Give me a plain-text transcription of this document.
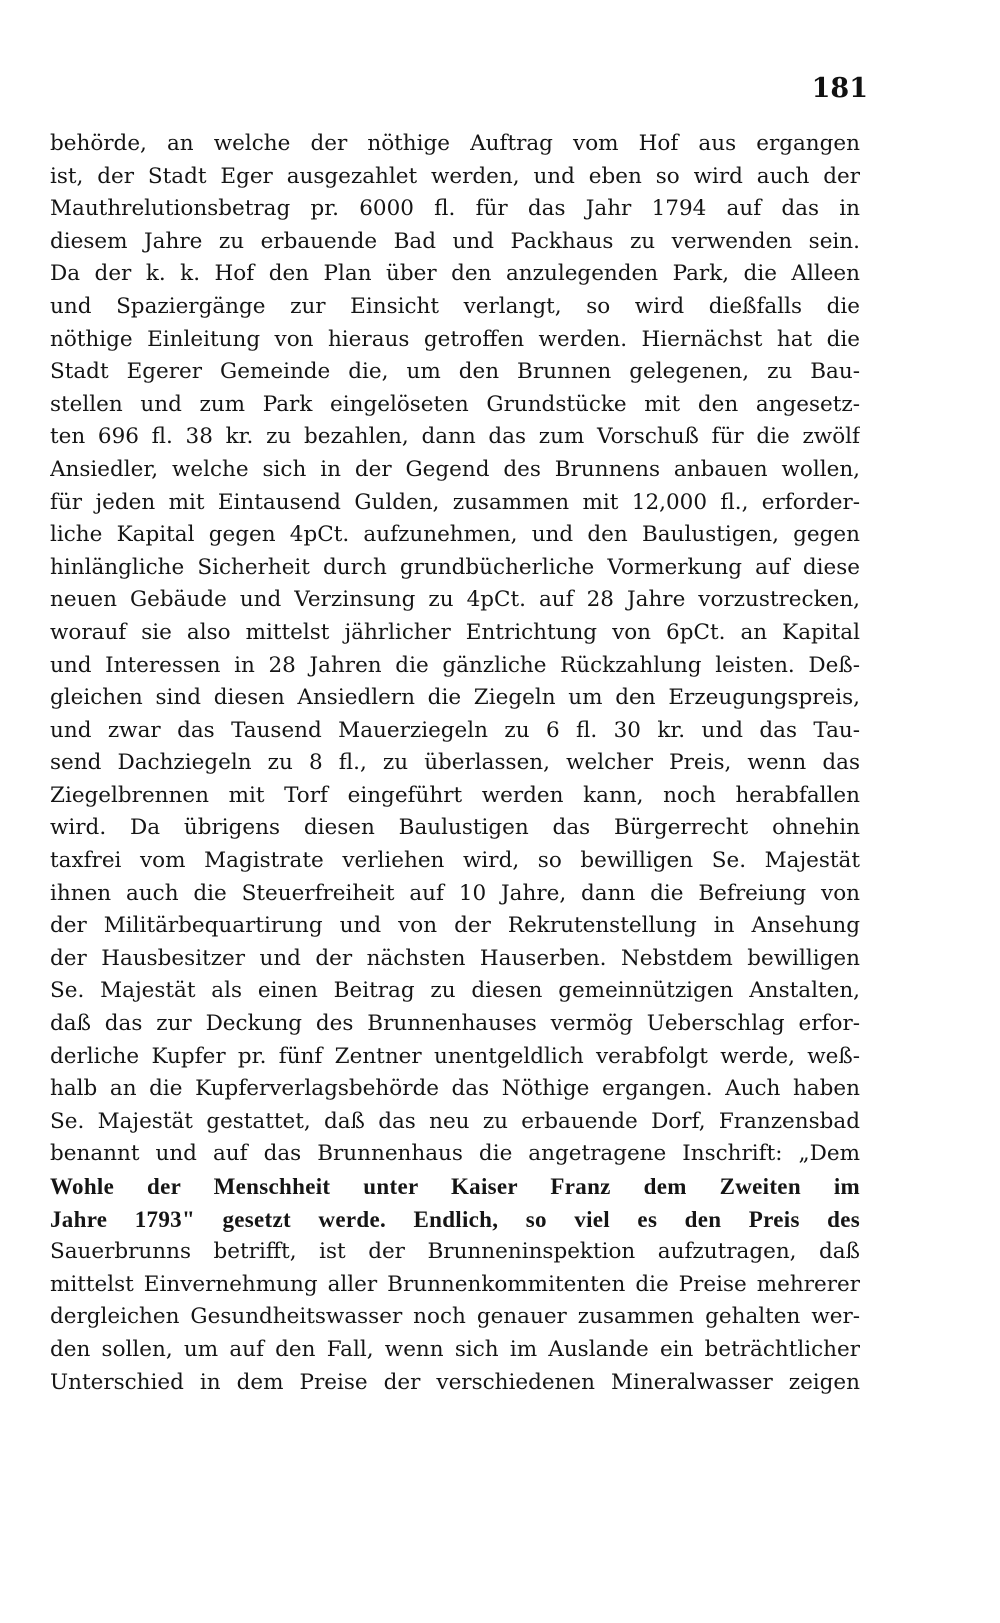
181
behörde, an welche der nöthige Auftrag vom Hof aus ergangen
ist, der Stadt Eger ausgezahlet werden, und eben so wird auch der
Mauthrelutionsbetrag pr. 6000 fl. für das Jahr 1794 auf das in
diesem Jahre zu erbauende Bad und Packhaus zu verwenden sein.
Da der k. k. Hof den Plan über den anzulegenden Park, die Alleen
und Spaziergänge zur Einsicht verlangt, so wird dießfalls die
nöthige Einleitung von hieraus getroffen werden. Hiernächst hat die
Stadt Egerer Gemeinde die, um den Brunnen gelegenen, zu Bau-
stellen und zum Park eingelöseten Grundstücke mit den angesetz-
ten 696 fl. 38 kr. zu bezahlen, dann das zum Vorschuß für die zwölf
Ansiedler, welche sich in der Gegend des Brunnens anbauen wollen,
für jeden mit Eintausend Gulden, zusammen mit 12,000 fl., erforder-
liche Kapital gegen 4pCt. aufzunehmen, und den Baulustigen, gegen
hinlängliche Sicherheit durch grundbücherliche Vormerkung auf diese
neuen Gebäude und Verzinsung zu 4pCt. auf 28 Jahre vorzustrecken,
worauf sie also mittelst jährlicher Entrichtung von 6pCt. an Kapital
und Interessen in 28 Jahren die gänzliche Rückzahlung leisten. Deß-
gleichen sind diesen Ansiedlern die Ziegeln um den Erzeugungspreis,
und zwar das Tausend Mauerziegeln zu 6 fl. 30 kr. und das Tau-
send Dachziegeln zu 8 fl., zu überlassen, welcher Preis, wenn das
Ziegelbrennen mit Torf eingeführt werden kann, noch herabfallen
wird. Da übrigens diesen Baulustigen das Bürgerrecht ohnehin
taxfrei vom Magistrate verliehen wird, so bewilligen Se. Majestät
ihnen auch die Steuerfreiheit auf 10 Jahre, dann die Befreiung von
der Militärbequartirung und von der Rekrutenstellung in Ansehung
der Hausbesitzer und der nächsten Hauserben. Nebstdem bewilligen
Se. Majestät als einen Beitrag zu diesen gemeinnützigen Anstalten,
daß das zur Deckung des Brunnenhauses vermög Ueberschlag erfor-
derliche Kupfer pr. fünf Zentner unentgeldlich verabfolgt werde, weß-
halb an die Kupferverlagsbehörde das Nöthige ergangen. Auch haben
Se. Majestät gestattet, daß das neu zu erbauende Dorf, Franzensbad
benannt und auf das Brunnenhaus die angetragene Inschrift: „Dem
Wohle der Menschheit unter Kaiser Franz dem Zweiten im
Jahre 1793" gesetzt werde. Endlich, so viel es den Preis des
Sauerbrunns betrifft, ist der Brunneninspektion aufzutragen, daß
mittelst Einvernehmung aller Brunnenkommitenten die Preise mehrerer
dergleichen Gesundheitswasser noch genauer zusammen gehalten wer-
den sollen, um auf den Fall, wenn sich im Auslande ein beträchtlicher
Unterschied in dem Preise der verschiedenen Mineralwasser zeigen
